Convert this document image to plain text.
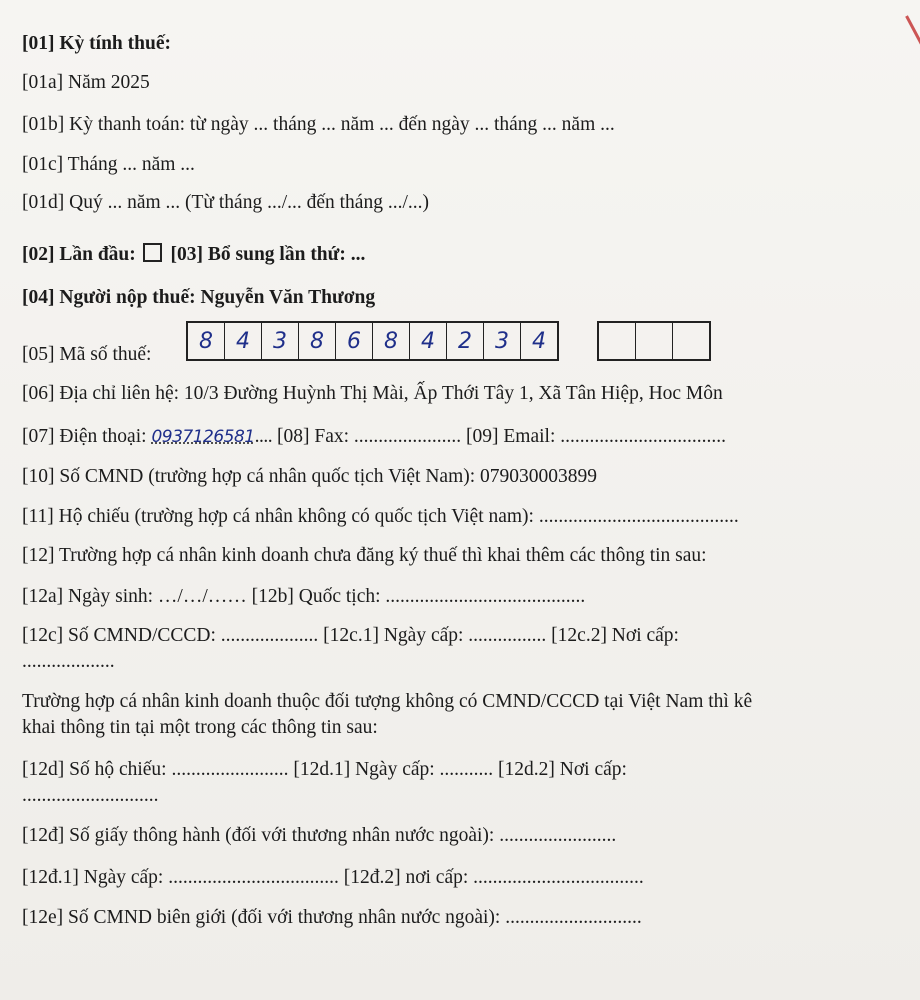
[01] Kỳ tính thuế:
[01a] Năm 2025
[01b] Kỳ thanh toán: từ ngày ... tháng ... năm ... đến ngày ... tháng ... năm ...
[01c] Tháng ... năm ...
[01d] Quý ... năm ... (Từ tháng .../... đến tháng .../...)
[02] Lần đầu: [03] Bổ sung lần thứ: ...
[04] Người nộp thuế: Nguyễn Văn Thương
[05] Mã số thuế:
8	4	3	8	6	8	4	2	3	4
[06] Địa chỉ liên hệ: 10/3 Đường Huỳnh Thị Mài, Ấp Thới Tây 1, Xã Tân Hiệp, Hoc Môn
[07] Điện thoại: 0937126581.... [08] Fax: ...................... [09] Email: ..................................
[10] Số CMND (trường hợp cá nhân quốc tịch Việt Nam): 079030003899
[11] Hộ chiếu (trường hợp cá nhân không có quốc tịch Việt nam): .........................................
[12] Trường hợp cá nhân kinh doanh chưa đăng ký thuế thì khai thêm các thông tin sau:
[12a] Ngày sinh: …/…/…… [12b] Quốc tịch: .........................................
[12c] Số CMND/CCCD: .................... [12c.1] Ngày cấp: ................ [12c.2] Nơi cấp:
...................
Trường hợp cá nhân kinh doanh thuộc đối tượng không có CMND/CCCD tại Việt Nam thì kê
khai thông tin tại một trong các thông tin sau:
[12d] Số hộ chiếu: ........................ [12d.1] Ngày cấp: ........... [12d.2] Nơi cấp:
............................
[12đ] Số giấy thông hành (đối với thương nhân nước ngoài): ........................
[12đ.1] Ngày cấp: ................................... [12đ.2] nơi cấp: ...................................
[12e] Số CMND biên giới (đối với thương nhân nước ngoài): ............................
